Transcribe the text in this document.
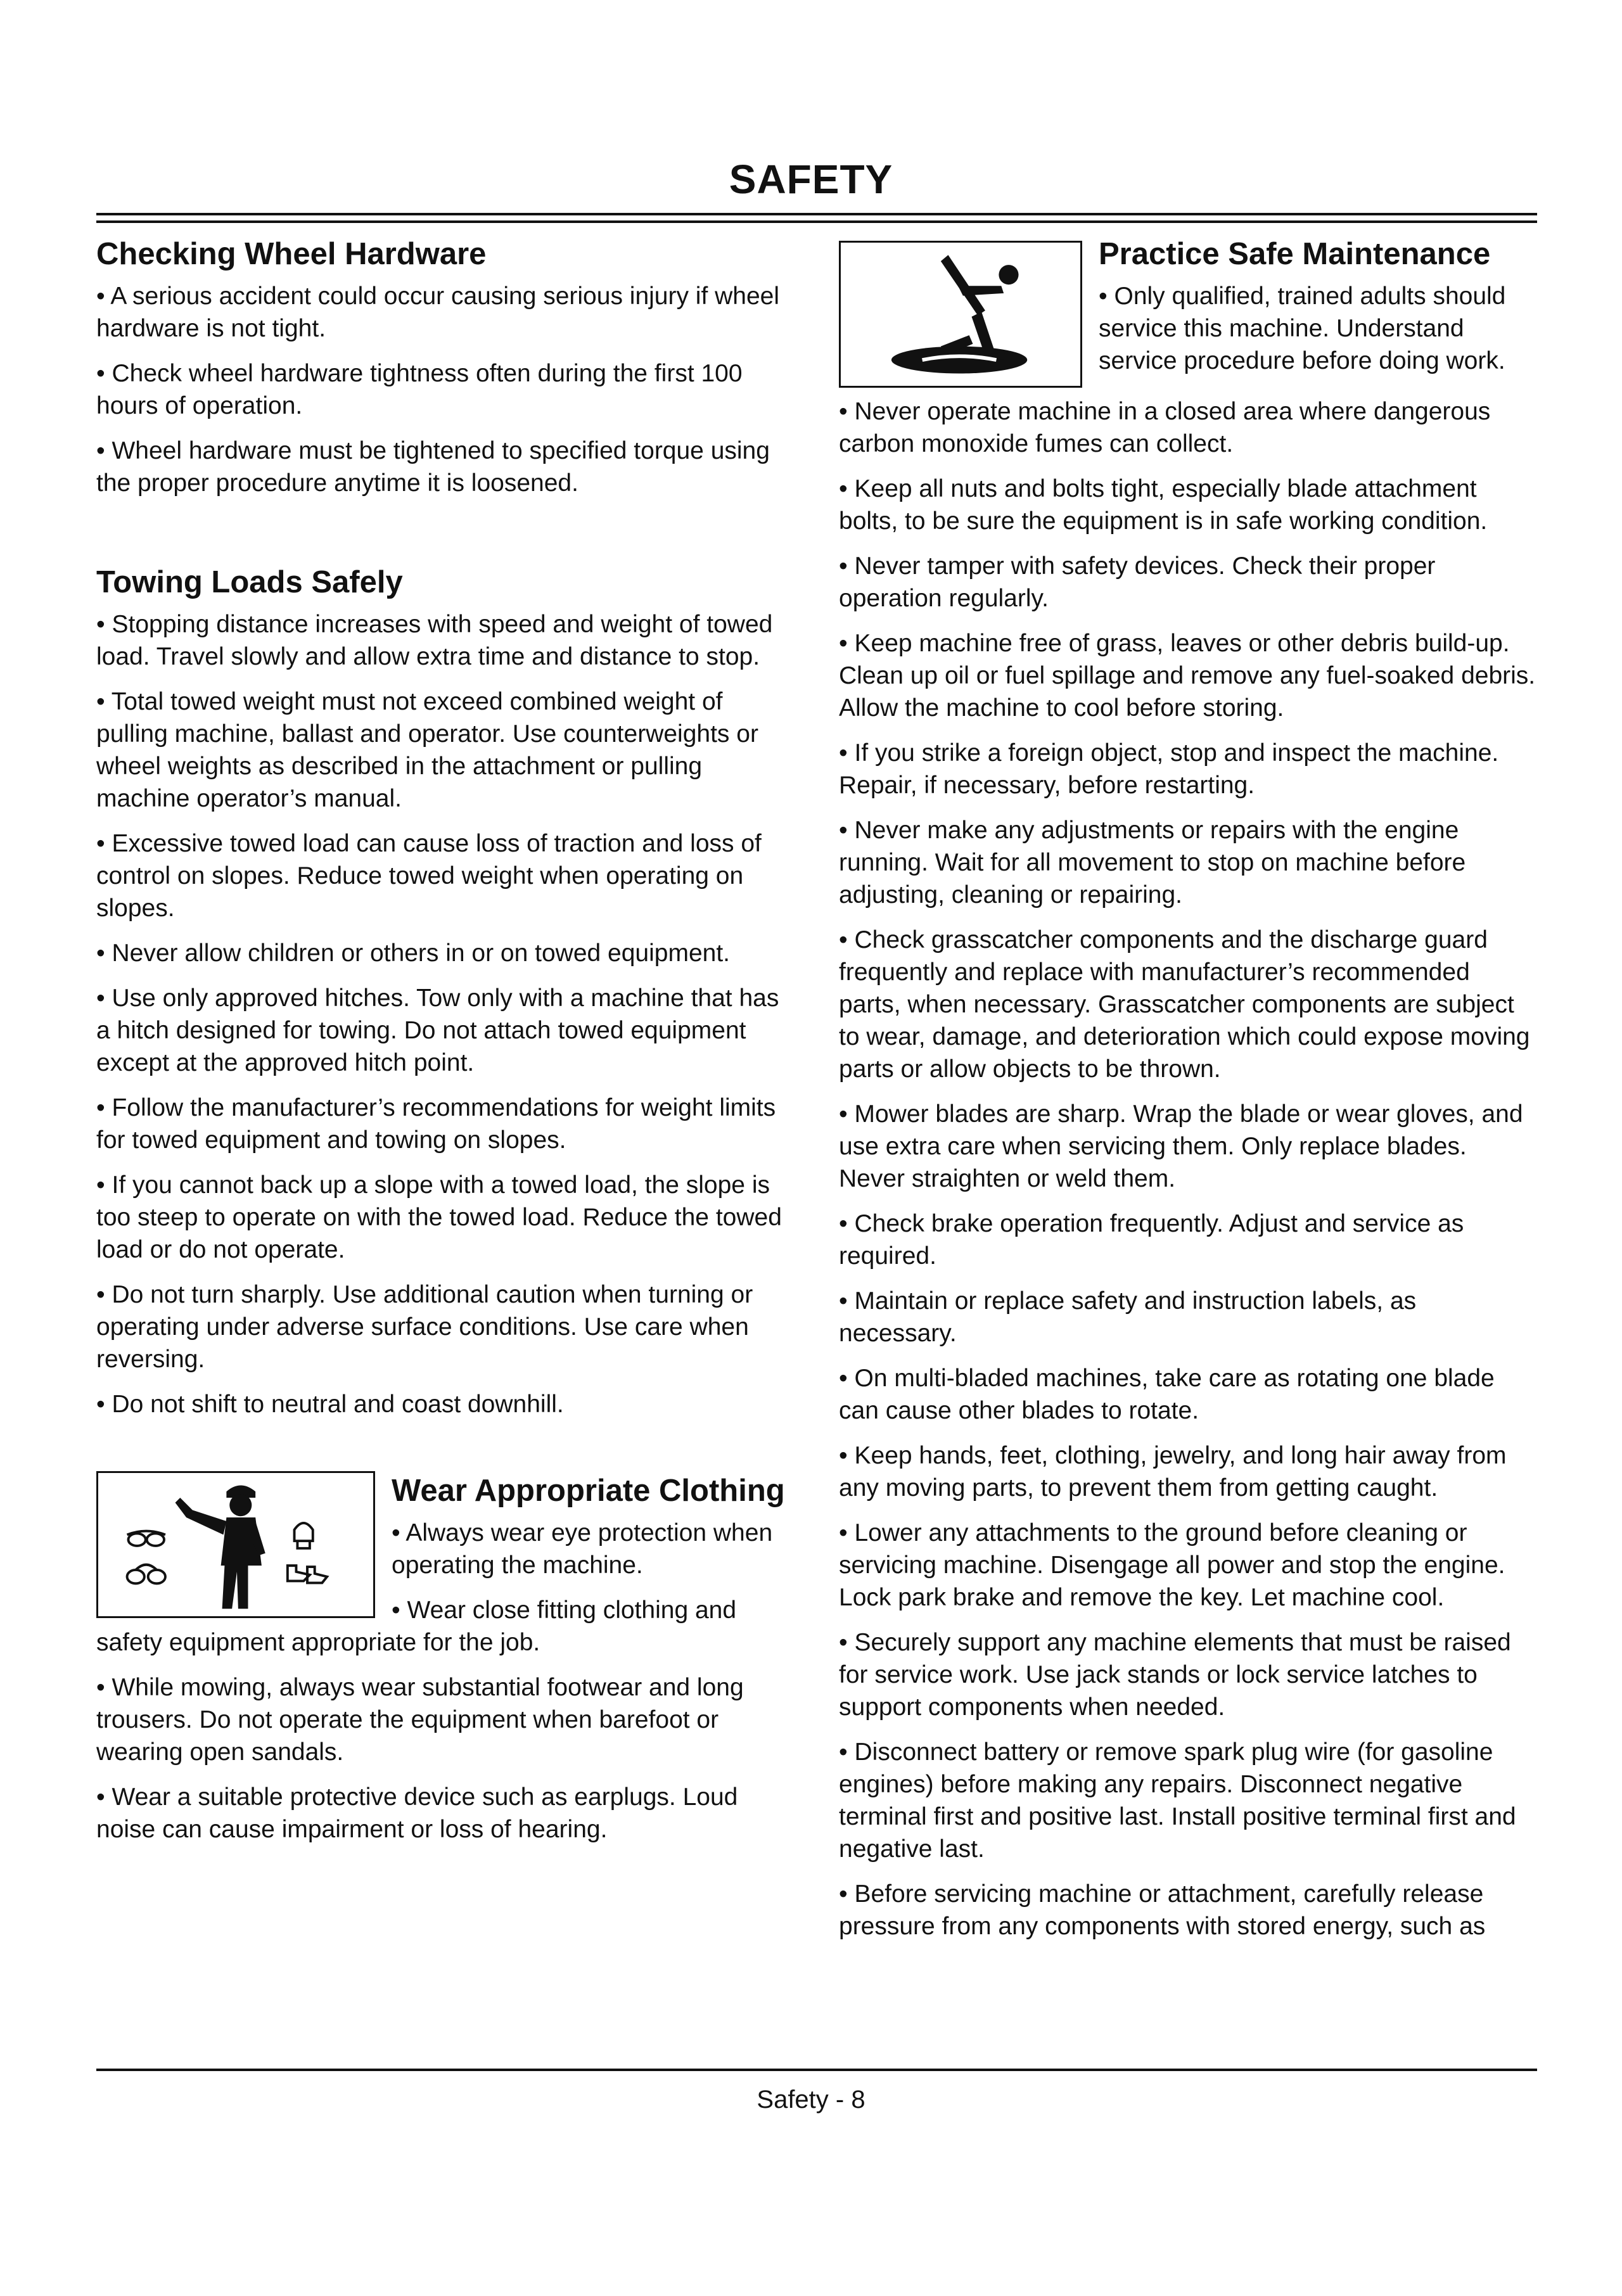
SAFETY
Checking Wheel Hardware

• A serious accident could occur causing serious injury if wheel hardware is not tight.

• Check wheel hardware tightness often during the first 100 hours of operation.

• Wheel hardware must be tightened to specified torque using the proper procedure anytime it is loosened.

Towing Loads Safely

• Stopping distance increases with speed and weight of towed load. Travel slowly and allow extra time and distance to stop.

• Total towed weight must not exceed combined weight of pulling machine, ballast and operator. Use counterweights or wheel weights as described in the attachment or pulling machine operator’s manual.

• Excessive towed load can cause loss of traction and loss of control on slopes. Reduce towed weight when operating on slopes.

• Never allow children or others in or on towed equipment.

• Use only approved hitches. Tow only with a machine that has a hitch designed for towing. Do not attach towed equipment except at the approved hitch point.

• Follow the manufacturer’s recommendations for weight limits for towed equipment and towing on slopes.

• If you cannot back up a slope with a towed load, the slope is too steep to operate on with the towed load. Reduce the towed load or do not operate.

• Do not turn sharply. Use additional caution when turning or operating under adverse surface conditions. Use care when reversing.

• Do not shift to neutral and coast downhill.

Wear Appropriate Clothing

• Always wear eye protection when operating the machine.

• Wear close fitting clothing and safety equipment appropriate for the job.

• While mowing, always wear substantial footwear and long trousers. Do not operate the equipment when barefoot or wearing open sandals.

• Wear a suitable protective device such as earplugs. Loud noise can cause impairment or loss of hearing.

Practice Safe Maintenance

• Only qualified, trained adults should service this machine. Understand service procedure before doing work.

• Never operate machine in a closed area where dangerous carbon monoxide fumes can collect.

• Keep all nuts and bolts tight, especially blade attachment bolts, to be sure the equipment is in safe working condition.

• Never tamper with safety devices. Check their proper operation regularly.

• Keep machine free of grass, leaves or other debris build-up. Clean up oil or fuel spillage and remove any fuel-soaked debris. Allow the machine to cool before storing.

• If you strike a foreign object, stop and inspect the machine. Repair, if necessary, before restarting.

• Never make any adjustments or repairs with the engine running. Wait for all movement to stop on machine before adjusting, cleaning or repairing.

• Check grasscatcher components and the discharge guard frequently and replace with manufacturer’s recommended parts, when necessary. Grasscatcher components are subject to wear, damage, and deterioration which could expose moving parts or allow objects to be thrown.

• Mower blades are sharp. Wrap the blade or wear gloves, and use extra care when servicing them. Only replace blades. Never straighten or weld them.

• Check brake operation frequently. Adjust and service as required.

• Maintain or replace safety and instruction labels, as necessary.

• On multi-bladed machines, take care as rotating one blade can cause other blades to rotate.

• Keep hands, feet, clothing, jewelry, and long hair away from any moving parts, to prevent them from getting caught.

• Lower any attachments to the ground before cleaning or servicing machine. Disengage all power and stop the engine. Lock park brake and remove the key. Let machine cool.

• Securely support any machine elements that must be raised for service work. Use jack stands or lock service latches to support components when needed.

• Disconnect battery or remove spark plug wire (for gasoline engines) before making any repairs. Disconnect negative terminal first and positive last. Install positive terminal first and negative last.

• Before servicing machine or attachment, carefully release pressure from any components with stored energy, such as

Safety - 8
